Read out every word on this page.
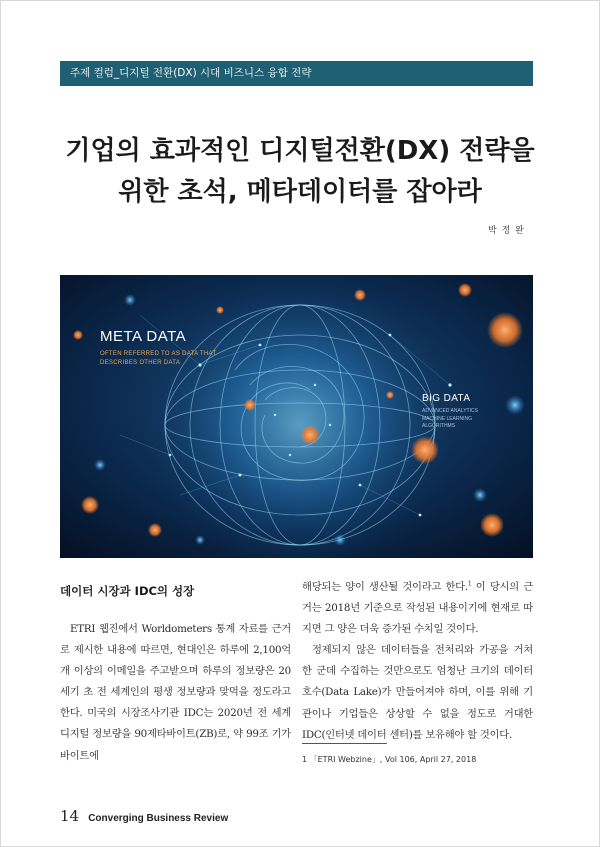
주제 컬럼_디지털 전환(DX) 시대 비즈니스 융합 전략
기업의 효과적인 디지털전환(DX) 전략을
위한 초석, 메타데이터를 잡아라
박 정 완
META DATA
OFTEN REFERRED TO AS DATA THAT
DESCRIBES OTHER DATA
BIG DATA
ADVANCED ANALYTICS
MACHINE LEARNING
ALGORITHMS
데이터 시장과 IDC의 성장

ETRI 웹진에서 Worldometers 통계 자료를 근거로 제시한 내용에 따르면, 현대인은 하루에 2,100억 개 이상의 이메일을 주고받으며 하루의 정보량은 20세기 초 전 세계인의 평생 정보량과 맞먹을 정도라고 한다. 미국의 시장조사기관 IDC는 2020년 전 세계 디지털 정보량을 90제타바이트(ZB)로, 약 99조 기가바이트에

해당되는 양이 생산될 것이라고 한다.$^1$ 이 당시의 근거는 2018년 기준으로 작성된 내용이기에 현재로 따지면 그 양은 더욱 증가된 수치일 것이다.

정제되지 않은 데이터들을 전처리와 가공을 거쳐 한 군데 수집하는 것만으로도 엄청난 크기의 데이터 호수(Data Lake)가 만들어져야 하며, 이를 위해 기관이나 기업들은 상상할 수 없을 정도로 거대한 IDC(인터넷 데이터 센터)를 보유해야 할 것이다.

1 「ETRI Webzine」, Vol 106, April 27, 2018
14 Converging Business Review
